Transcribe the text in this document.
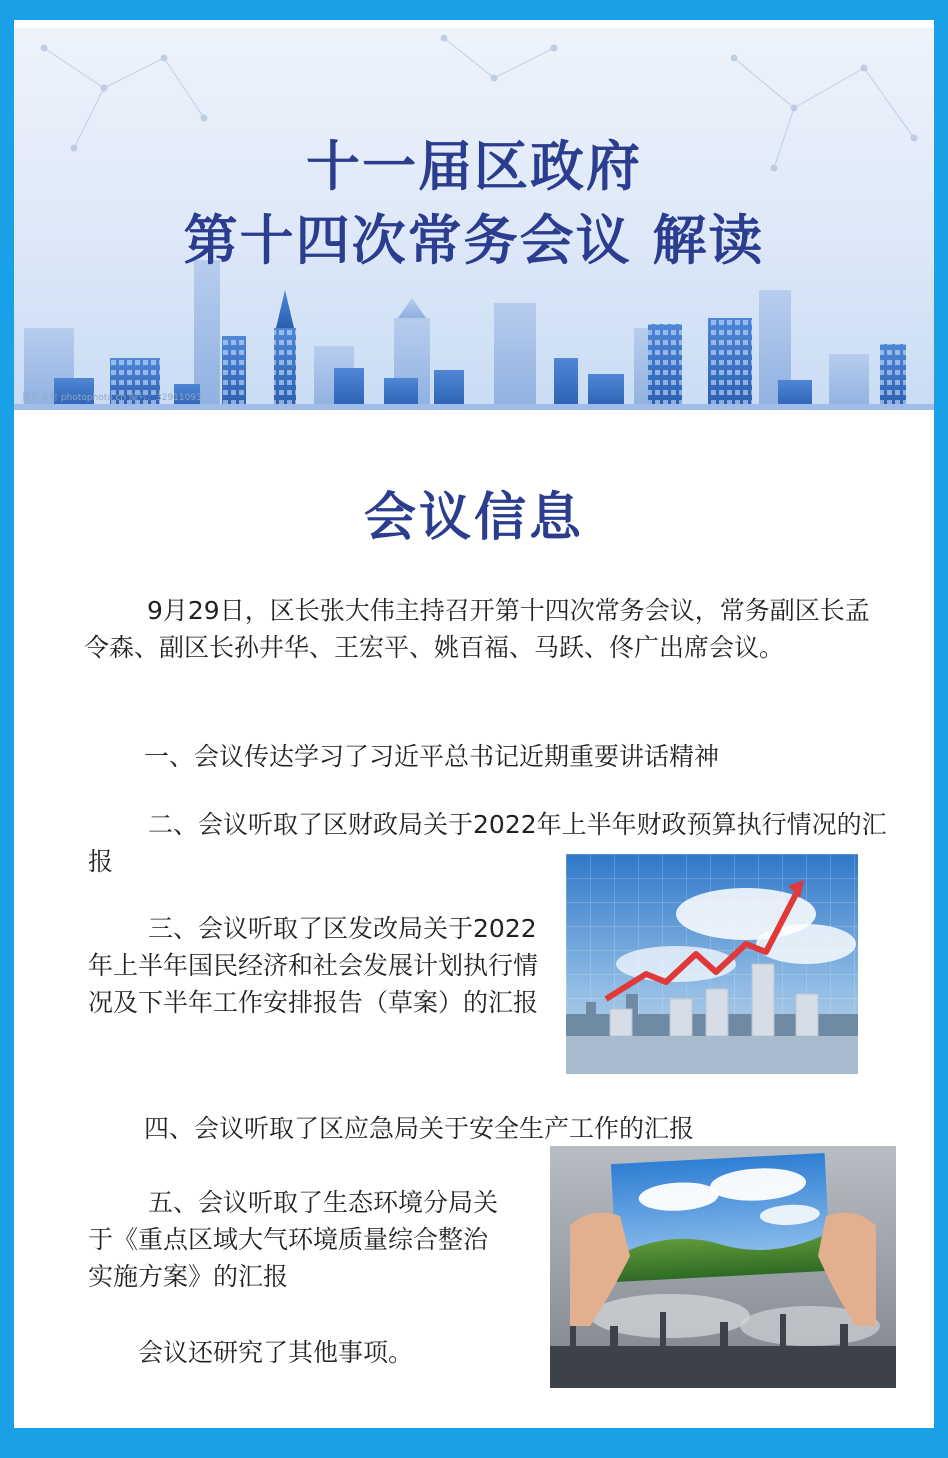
十一届区政府
第十四次常务会议 解读
图片来自 photophoto.cn 编号：32911093
会议信息
9月29日，区长张大伟主持召开第十四次常务会议，常务副区长孟令森、副区长孙井华、王宏平、姚百福、马跃、佟广出席会议。
一、会议传达学习了习近平总书记近期重要讲话精神
二、会议听取了区财政局关于2022年上半年财政预算执行情况的汇报
三、会议听取了区发改局关于2022年上半年国民经济和社会发展计划执行情况及下半年工作安排报告（草案）的汇报
四、会议听取了区应急局关于安全生产工作的汇报
五、会议听取了生态环境分局关于《重点区域大气环境质量综合整治实施方案》的汇报
会议还研究了其他事项。
